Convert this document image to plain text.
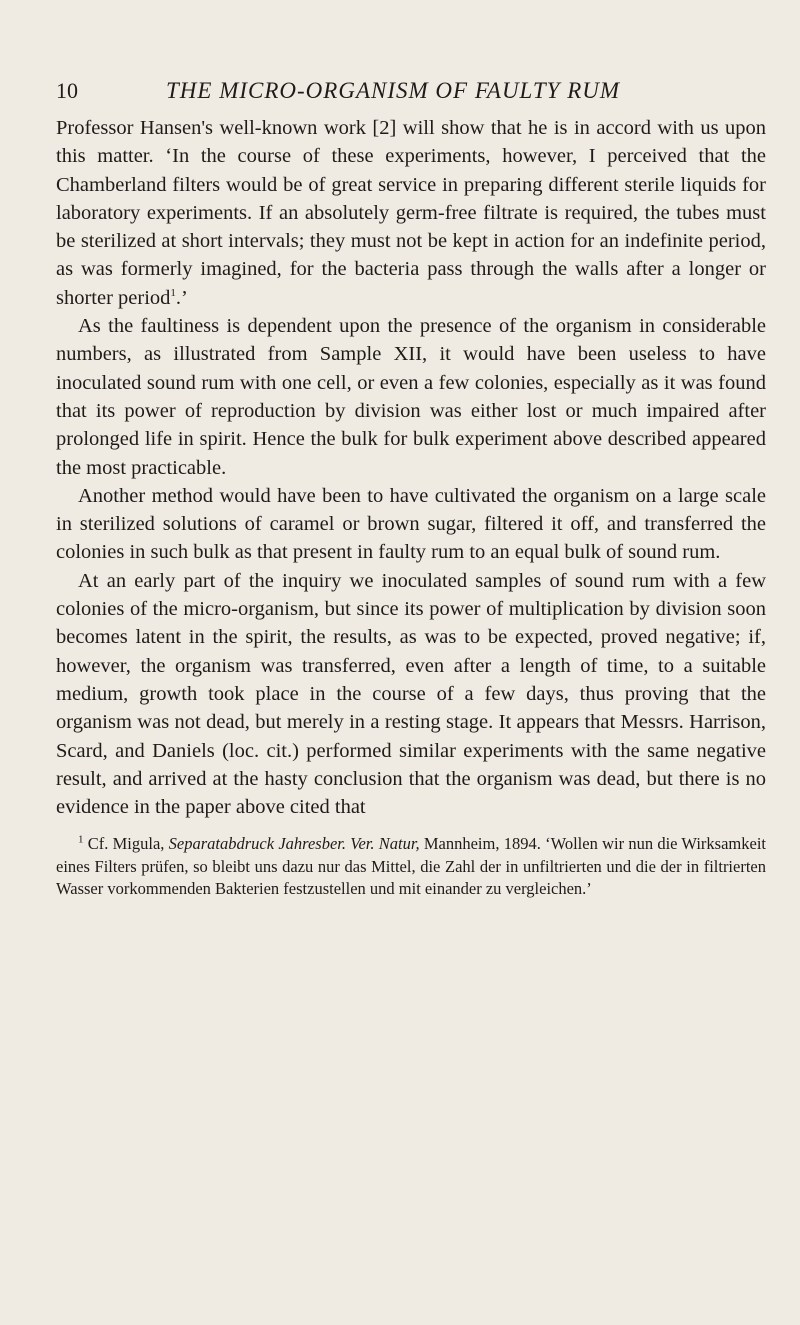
10	THE MICRO-ORGANISM OF FAULTY RUM

Professor Hansen's well-known work [2] will show that he is in accord with us upon this matter. ‘In the course of these experiments, however, I perceived that the Chamberland filters would be of great service in preparing different sterile liquids for laboratory experiments. If an absolutely germ-free filtrate is required, the tubes must be sterilized at short intervals; they must not be kept in action for an indefinite period, as was formerly imagined, for the bacteria pass through the walls after a longer or shorter period$^1$.’

As the faultiness is dependent upon the presence of the organism in considerable numbers, as illustrated from Sample XII, it would have been useless to have inoculated sound rum with one cell, or even a few colonies, especially as it was found that its power of reproduction by division was either lost or much impaired after prolonged life in spirit. Hence the bulk for bulk experiment above described appeared the most practicable.

Another method would have been to have cultivated the organism on a large scale in sterilized solutions of caramel or brown sugar, filtered it off, and transferred the colonies in such bulk as that present in faulty rum to an equal bulk of sound rum.

At an early part of the inquiry we inoculated samples of sound rum with a few colonies of the micro-organism, but since its power of multiplication by division soon becomes latent in the spirit, the results, as was to be expected, proved negative; if, however, the organism was transferred, even after a length of time, to a suitable medium, growth took place in the course of a few days, thus proving that the organism was not dead, but merely in a resting stage. It appears that Messrs. Harrison, Scard, and Daniels (loc. cit.) performed similar experiments with the same negative result, and arrived at the hasty conclusion that the organism was dead, but there is no evidence in the paper above cited that

$^1$ Cf. Migula, Separatabdruck Jahresber. Ver. Natur, Mannheim, 1894. ‘Wollen wir nun die Wirksamkeit eines Filters prüfen, so bleibt uns dazu nur das Mittel, die Zahl der in unfiltrierten und die der in filtrierten Wasser vorkommenden Bakterien festzustellen und mit einander zu vergleichen.’
